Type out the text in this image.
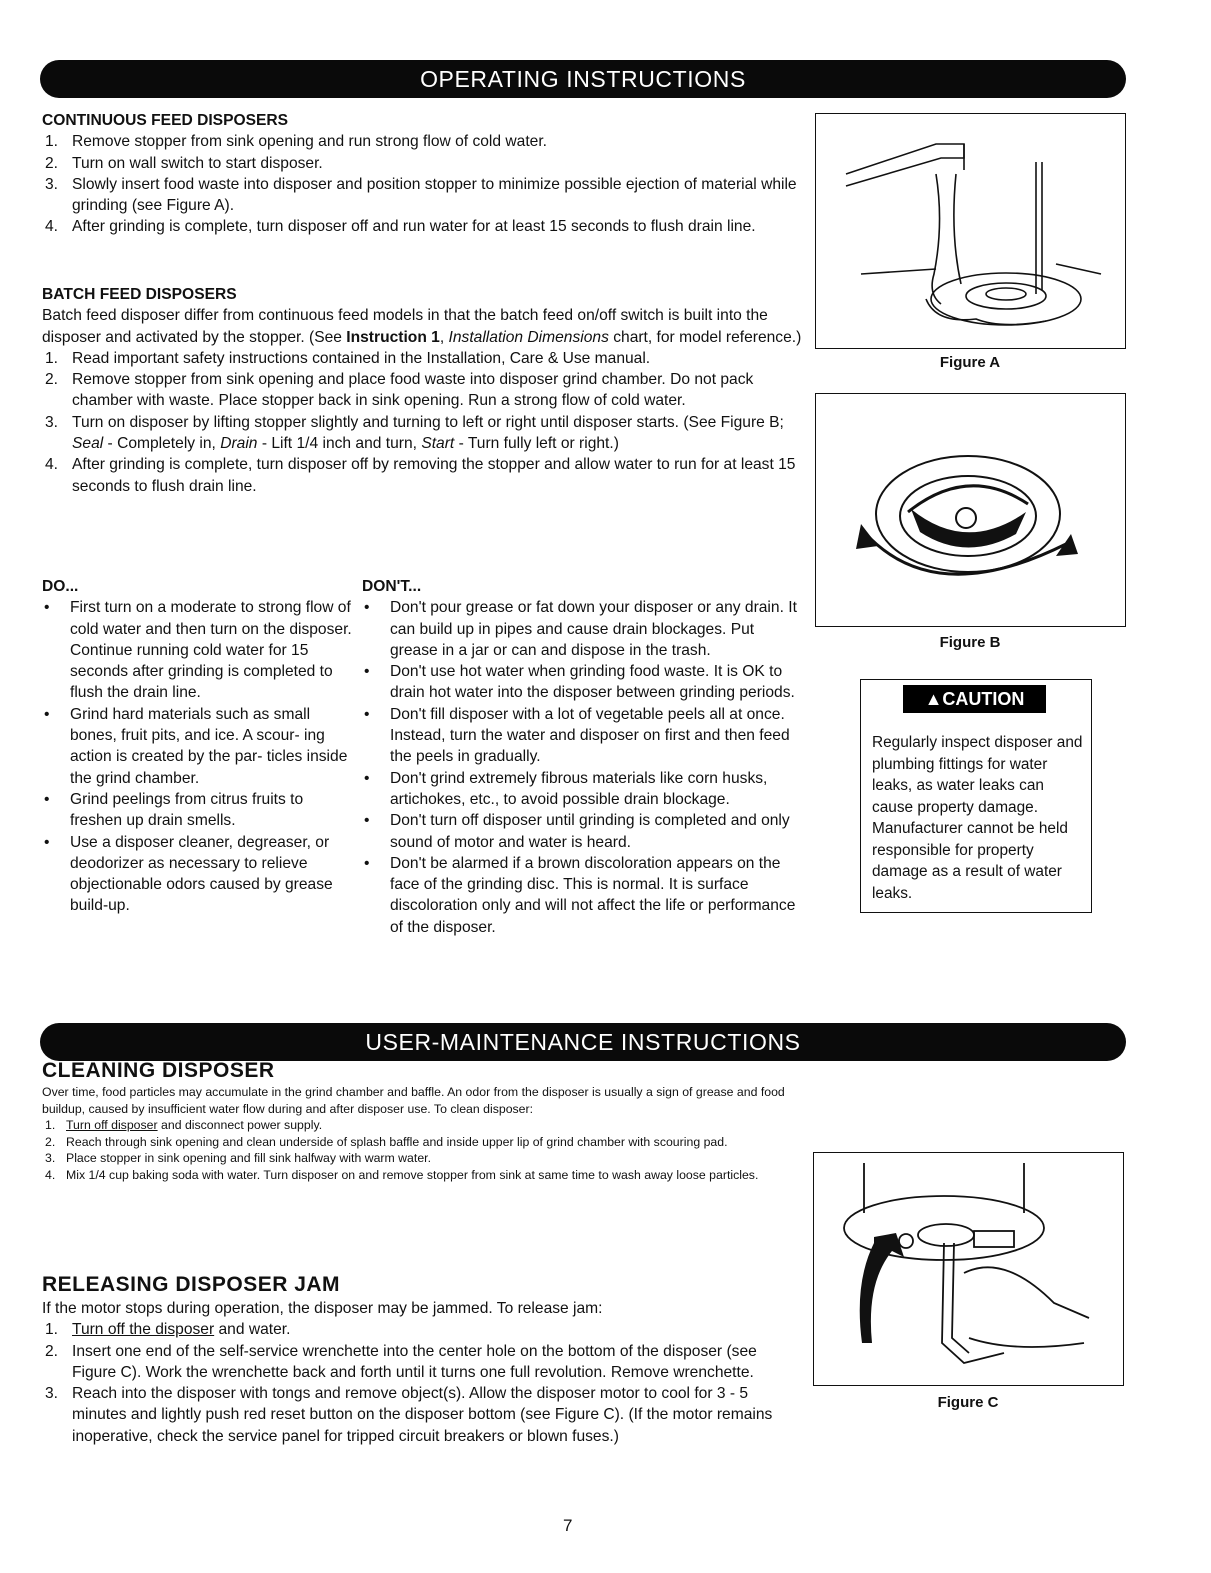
OPERATING INSTRUCTIONS
CONTINUOUS FEED DISPOSERS
1. Remove stopper from sink opening and run strong flow of cold water.
2. Turn on wall switch to start disposer.
3. Slowly insert food waste into disposer and position stopper to minimize possible ejection of material while grinding (see Figure A).
4. After grinding is complete, turn disposer off and run water for at least 15 seconds to flush drain line.
BATCH FEED DISPOSERS
Batch feed disposer differ from continuous feed models in that the batch feed on/off switch is built into the disposer and activated by the stopper. (See Instruction 1, Installation Dimensions chart, for model reference.)
1. Read important safety instructions contained in the Installation, Care & Use manual.
2. Remove stopper from sink opening and place food waste into disposer grind chamber. Do not pack chamber with waste. Place stopper back in sink opening. Run a strong flow of cold water.
3. Turn on disposer by lifting stopper slightly and turning to left or right until disposer starts. (See Figure B; Seal - Completely in, Drain - Lift 1/4 inch and turn, Start - Turn fully left or right.)
4. After grinding is complete, turn disposer off by removing the stopper and allow water to run for at least 15 seconds to flush drain line.
DO...
• First turn on a moderate to strong flow of cold water and then turn on the disposer. Continue running cold water for 15 seconds after grinding is completed to flush the drain line.
• Grind hard materials such as small bones, fruit pits, and ice. A scour- ing action is created by the par- ticles inside the grind chamber.
• Grind peelings from citrus fruits to freshen up drain smells.
• Use a disposer cleaner, degreaser, or deodorizer as necessary to relieve objectionable odors caused by grease build-up.
DON'T...
• Don't pour grease or fat down your disposer or any drain. It can build up in pipes and cause drain blockages. Put grease in a jar or can and dispose in the trash.
• Don't use hot water when grinding food waste. It is OK to drain hot water into the disposer between grinding periods.
• Don't fill disposer with a lot of vegetable peels all at once. Instead, turn the water and disposer on first and then feed the peels in gradually.
• Don't grind extremely fibrous materials like corn husks, artichokes, etc., to avoid possible drain blockage.
• Don't turn off disposer until grinding is completed and only sound of motor and water is heard.
• Don't be alarmed if a brown discoloration appears on the face of the grinding disc. This is normal. It is surface discoloration only and will not affect the life or performance of the disposer.
Figure A
Figure B
▲CAUTION
Regularly inspect disposer and plumbing fittings for water leaks, as water leaks can cause property damage. Manufacturer cannot be held responsible for property damage as a result of water leaks.
USER-MAINTENANCE INSTRUCTIONS
CLEANING DISPOSER
Over time, food particles may accumulate in the grind chamber and baffle. An odor from the disposer is usually a sign of grease and food buildup, caused by insufficient water flow during and after disposer use. To clean disposer:
1. Turn off disposer and disconnect power supply.
2. Reach through sink opening and clean underside of splash baffle and inside upper lip of grind chamber with scouring pad.
3. Place stopper in sink opening and fill sink halfway with warm water.
4. Mix 1/4 cup baking soda with water. Turn disposer on and remove stopper from sink at same time to wash away loose particles.
RELEASING DISPOSER JAM
If the motor stops during operation, the disposer may be jammed. To release jam:
1. Turn off the disposer and water.
2. Insert one end of the self-service wrenchette into the center hole on the bottom of the disposer (see Figure C). Work the wrenchette back and forth until it turns one full revolution. Remove wrenchette.
3. Reach into the disposer with tongs and remove object(s). Allow the disposer motor to cool for 3 - 5 minutes and lightly push red reset button on the disposer bottom (see Figure C). (If the motor remains inoperative, check the service panel for tripped circuit breakers or blown fuses.)
Figure C
7
